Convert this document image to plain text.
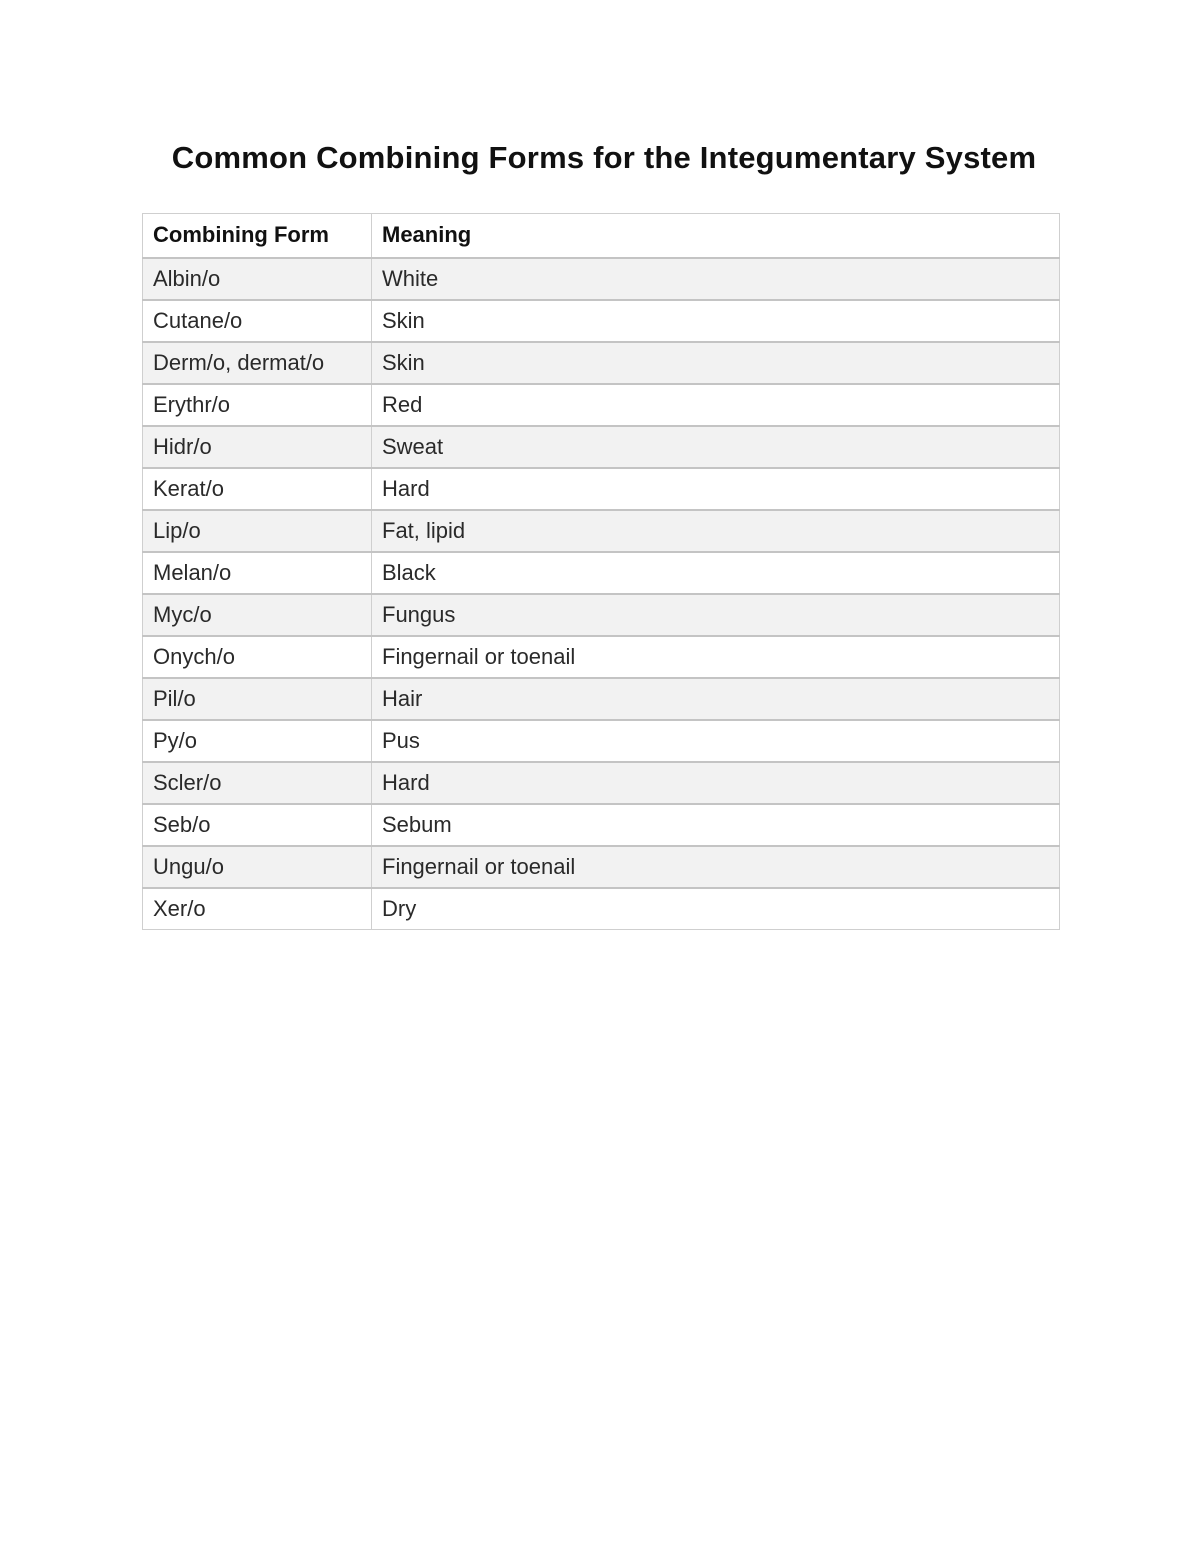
Common Combining Forms for the Integumentary System
Combining Form	Meaning
Albin/o	White
Cutane/o	Skin
Derm/o, dermat/o	Skin
Erythr/o	Red
Hidr/o	Sweat
Kerat/o	Hard
Lip/o	Fat, lipid
Melan/o	Black
Myc/o	Fungus
Onych/o	Fingernail or toenail
Pil/o	Hair
Py/o	Pus
Scler/o	Hard
Seb/o	Sebum
Ungu/o	Fingernail or toenail
Xer/o	Dry
